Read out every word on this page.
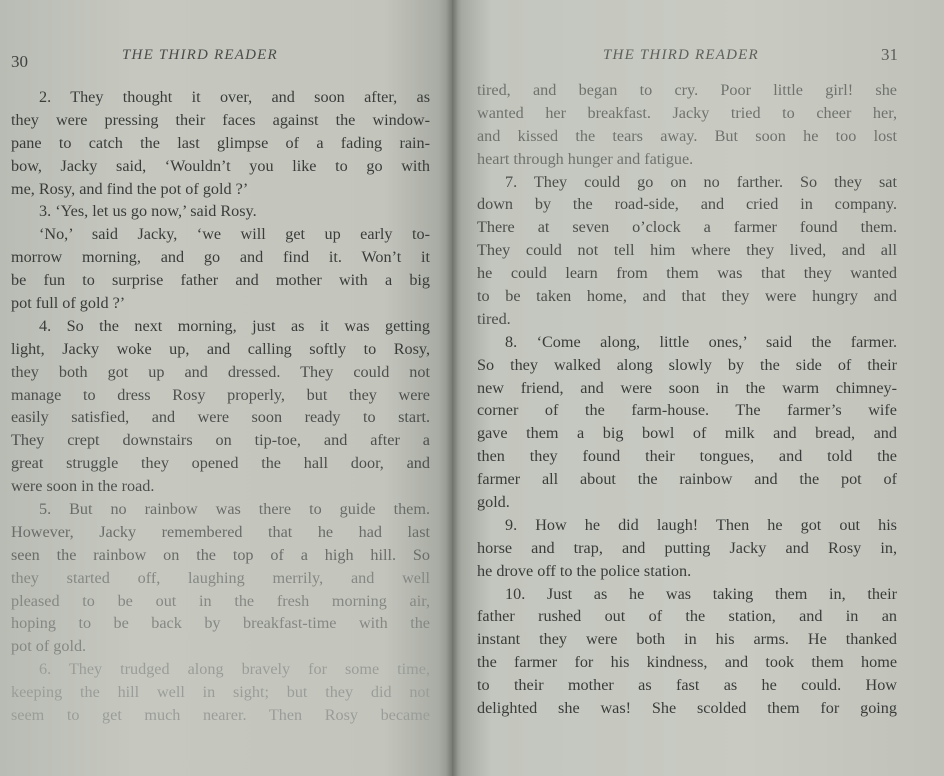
30	THE THIRD READER
2. They thought it over, and soon after, as
they were pressing their faces against the window-
pane to catch the last glimpse of a fading rain-
bow, Jacky said, ‘Wouldn’t you like to go with
me, Rosy, and find the pot of gold ?’
3. ‘Yes, let us go now,’ said Rosy.
‘No,’ said Jacky, ‘we will get up early to-
morrow morning, and go and find it. Won’t it
be fun to surprise father and mother with a big
pot full of gold ?’
4. So the next morning, just as it was getting
light, Jacky woke up, and calling softly to Rosy,
they both got up and dressed. They could not
manage to dress Rosy properly, but they were
easily satisfied, and were soon ready to start.
They crept downstairs on tip-toe, and after a
great struggle they opened the hall door, and
were soon in the road.
5. But no rainbow was there to guide them.
However, Jacky remembered that he had last
seen the rainbow on the top of a high hill. So
they started off, laughing merrily, and well
pleased to be out in the fresh morning air,
hoping to be back by breakfast-time with the
pot of gold.
6. They trudged along bravely for some time,
keeping the hill well in sight; but they did not
seem to get much nearer. Then Rosy became
THE THIRD READER	31
tired, and began to cry. Poor little girl! she
wanted her breakfast. Jacky tried to cheer her,
and kissed the tears away. But soon he too lost
heart through hunger and fatigue.
7. They could go on no farther. So they sat
down by the road-side, and cried in company.
There at seven o’clock a farmer found them.
They could not tell him where they lived, and all
he could learn from them was that they wanted
to be taken home, and that they were hungry and
tired.
8. ‘Come along, little ones,’ said the farmer.
So they walked along slowly by the side of their
new friend, and were soon in the warm chimney-
corner of the farm-house. The farmer’s wife
gave them a big bowl of milk and bread, and
then they found their tongues, and told the
farmer all about the rainbow and the pot of
gold.
9. How he did laugh! Then he got out his
horse and trap, and putting Jacky and Rosy in,
he drove off to the police station.
10. Just as he was taking them in, their
father rushed out of the station, and in an
instant they were both in his arms. He thanked
the farmer for his kindness, and took them home
to their mother as fast as he could. How
delighted she was! She scolded them for going
